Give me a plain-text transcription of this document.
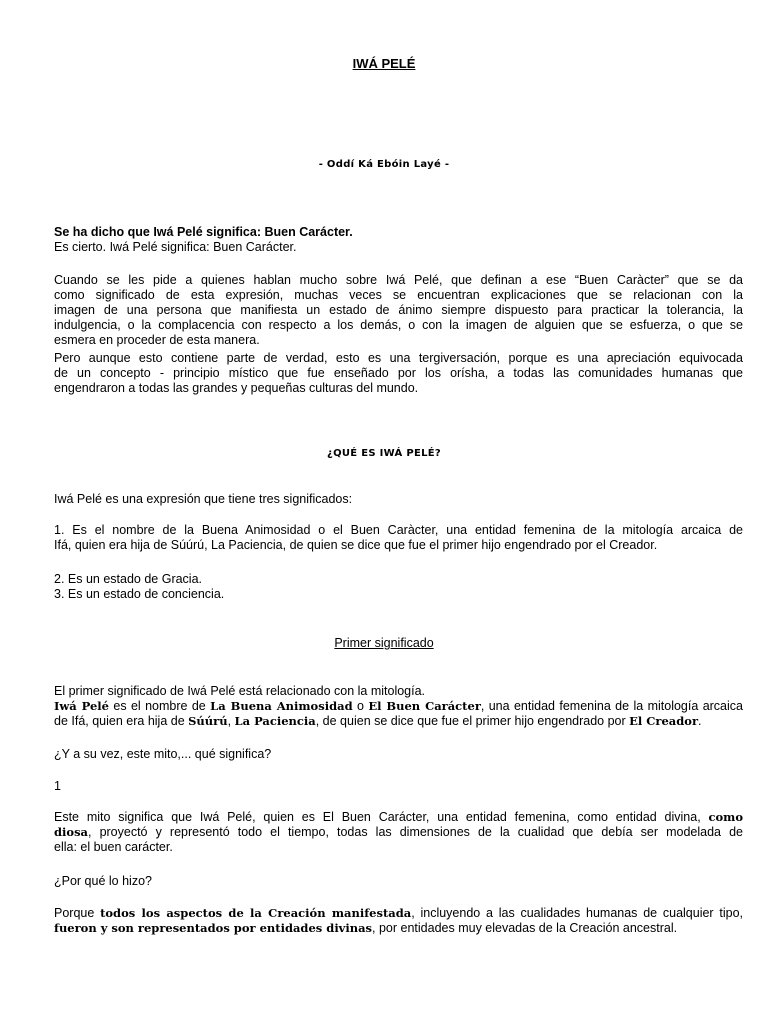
IWÁ PELÉ
- Oddí Ká Ebóin Layé -
Se ha dicho que Iwá Pelé significa: Buen Carácter.
Es cierto. Iwá Pelé significa: Buen Carácter.
Cuando se les pide a quienes hablan mucho sobre Iwá Pelé, que definan a ese “Buen Caràcter” que se da
como significado de esta expresión, muchas veces se encuentran explicaciones que se relacionan con la
imagen de una persona que manifiesta un estado de ánimo siempre dispuesto para practicar la tolerancia, la
indulgencia, o la complacencia con respecto a los demás, o con la imagen de alguien que se esfuerza, o que se
esmera en proceder de esta manera.
Pero aunque esto contiene parte de verdad, esto es una tergiversación, porque es una apreciación equivocada
de un concepto - principio místico que fue enseñado por los orísha, a todas las comunidades humanas que
engendraron a todas las grandes y pequeñas culturas del mundo.
¿QUÉ ES IWÁ PELÉ?
Iwá Pelé es una expresión que tiene tres significados:
1. Es el nombre de la Buena Animosidad o el Buen Caràcter, una entidad femenina de la mitología arcaica de
Ifá, quien era hija de Súúrú, La Paciencia, de quien se dice que fue el primer hijo engendrado por el Creador.
2. Es un estado de Gracia.
3. Es un estado de conciencia.
Primer significado
El primer significado de Iwá Pelé está relacionado con la mitología.
Iwá Pelé es el nombre de La Buena Animosidad o El Buen Carácter, una entidad femenina de la mitología arcaica
de Ifá, quien era hija de Súúrú, La Paciencia, de quien se dice que fue el primer hijo engendrado por El Creador.
¿Y a su vez, este mito,... qué significa?
1
Este mito significa que Iwá Pelé, quien es El Buen Carácter, una entidad femenina, como entidad divina, como
diosa, proyectó y representó todo el tiempo, todas las dimensiones de la cualidad que debía ser modelada de
ella: el buen carácter.
¿Por qué lo hizo?
Porque todos los aspectos de la Creación manifestada, incluyendo a las cualidades humanas de cualquier tipo,
fueron y son representados por entidades divinas, por entidades muy elevadas de la Creación ancestral.
